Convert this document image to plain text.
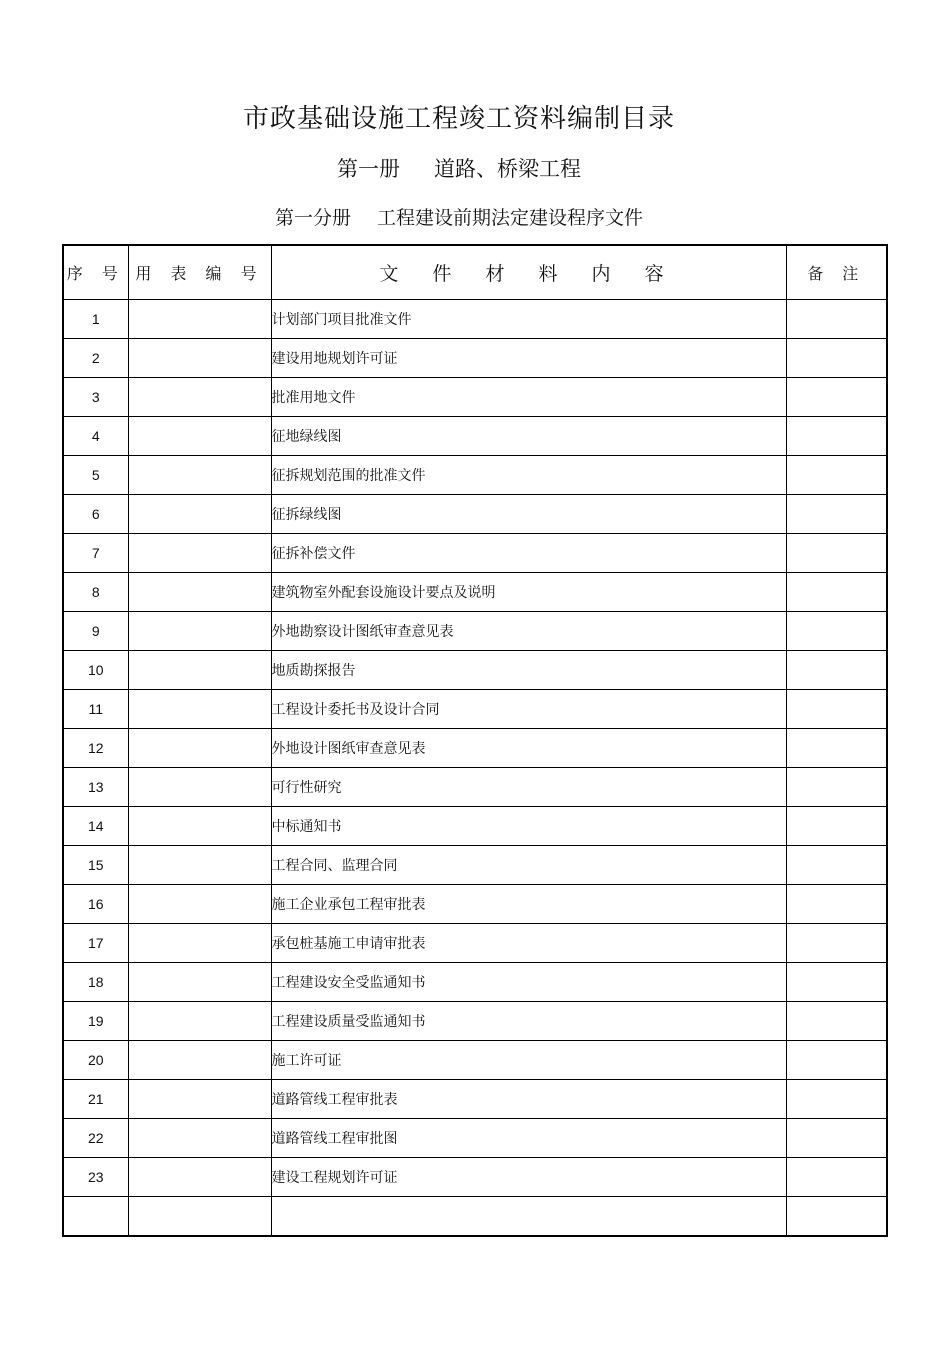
市政基础设施工程竣工资料编制目录
第一册 道路、桥梁工程
第一分册 工程建设前期法定建设程序文件
序 号	用 表 编 号	文 件 材 料 内 容	备 注
1		计划部门项目批准文件	
2		建设用地规划许可证	
3		批准用地文件	
4		征地绿线图	
5		征拆规划范围的批准文件	
6		征拆绿线图	
7		征拆补偿文件	
8		建筑物室外配套设施设计要点及说明	
9		外地勘察设计图纸审查意见表	
10		地质勘探报告	
11		工程设计委托书及设计合同	
12		外地设计图纸审查意见表	
13		可行性研究	
14		中标通知书	
15		工程合同、监理合同	
16		施工企业承包工程审批表	
17		承包桩基施工申请审批表	
18		工程建设安全受监通知书	
19		工程建设质量受监通知书	
20		施工许可证	
21		道路管线工程审批表	
22		道路管线工程审批图	
23		建设工程规划许可证	
